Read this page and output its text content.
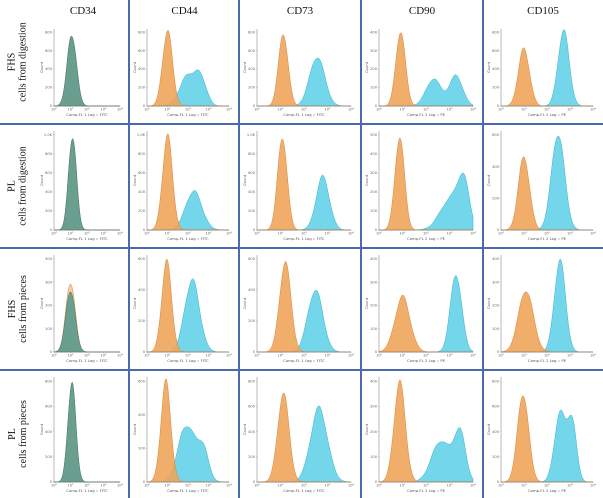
CD34	CD44	CD73	CD90	CD105
FHS cells from digestion
PL cells from digestion
FHS cells from pieces
PL cells from pieces
Count
800
600
400
200
0
10⁰	10¹	10²	10³	10⁴
Comp-FL 1 Log :: FITC
Count
800
600
400
200
0
10⁰	10¹	10²	10³	10⁴
Comp-FL 1 Log :: FITC
Count
800
600
400
200
0
10⁰	10¹	10²	10³	10⁴
Comp-FL 1 Log :: FITC
Count
400
300
200
100
0
10⁰	10¹	10²	10³	10⁴
Comp-FL 2 Log :: PE
Count
800
600
400
200
0
10⁰	10¹	10²	10³	10⁴
Comp-FL 2 Log :: PE
Count
1.0K
800
600
400
200
0
10⁰	10¹	10²	10³	10⁴
Comp-FL 1 Log :: FITC
Count
1.0K
800
600
400
200
0
10⁰	10¹	10²	10³	10⁴
Comp-FL 1 Log :: FITC
Count
1.0K
800
600
400
200
0
10⁰	10¹	10²	10³	10⁴
Comp-FL 1 Log :: FITC
Count
500
400
300
200
100
0
10⁰	10¹	10²	10³	10⁴
Comp-FL 2 Log :: PE
Count
600
400
200
0
10⁰	10¹	10²	10³	10⁴
Comp-FL 2 Log :: PE
Count
400
300
200
100
0
10⁰	10¹	10²	10³	10⁴
Comp-FL 1 Log :: FITC
Count
600
400
200
0
10⁰	10¹	10²	10³	10⁴
Comp-FL 1 Log :: FITC
Count
600
400
200
0
10⁰	10¹	10²	10³	10⁴
Comp-FL 1 Log :: FITC
Count
400
300
200
100
0
10⁰	10¹	10²	10³	10⁴
Comp-FL 2 Log :: PE
Count
400
300
200
100
0
10⁰	10¹	10²	10³	10⁴
Comp-FL 2 Log :: PE
Count
800
600
400
200
0
10⁰	10¹	10²	10³	10⁴
Comp-FL 1 Log :: FITC
Count
600
400
200
0
10⁰	10¹	10²	10³	10⁴
Comp-FL 1 Log :: FITC
Count
800
600
400
200
0
10⁰	10¹	10²	10³	10⁴
Comp-FL 1 Log :: FITC
Count
400
300
200
100
0
10⁰	10¹	10²	10³	10⁴
Comp-FL 2 Log :: PE
Count
800
600
400
200
0
10⁰	10¹	10²	10³	10⁴
Comp-FL 2 Log :: PE
